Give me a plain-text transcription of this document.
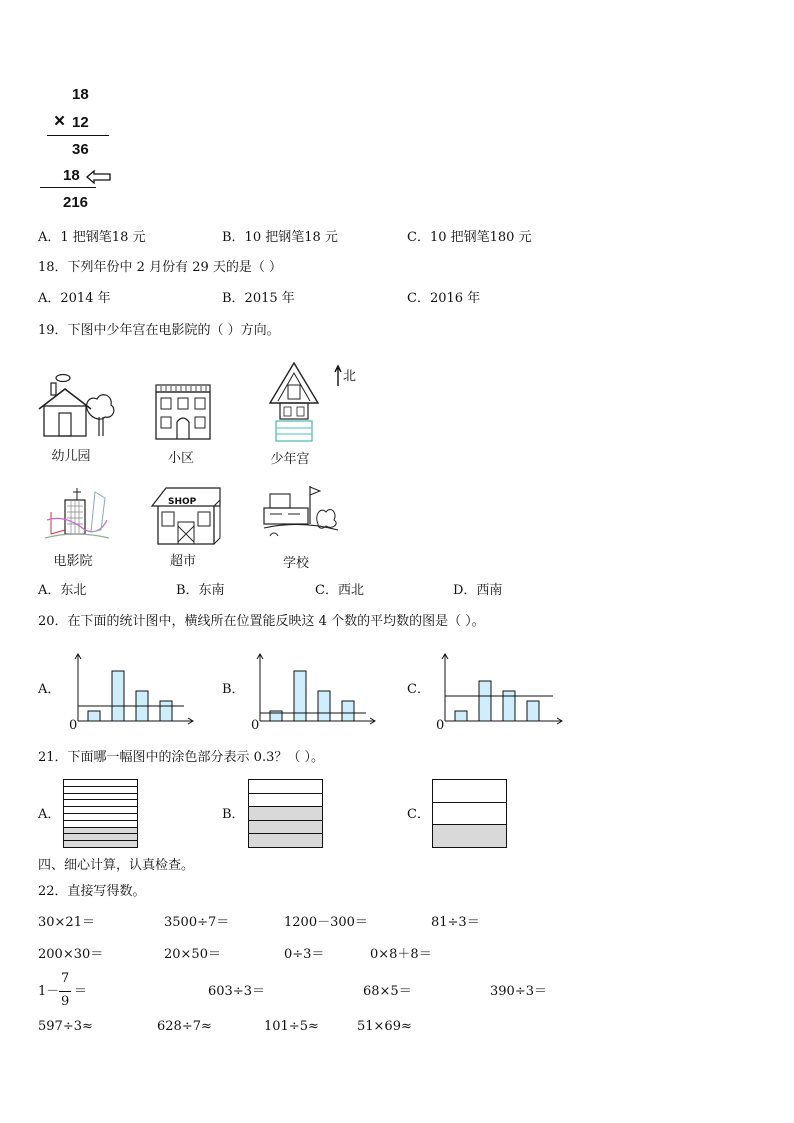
18
× 12
36
18
216
A．1 把钢笔18 元	B．10 把钢笔18 元	C．10 把钢笔180 元
18．下列年份中 2 月份有 29 天的是（ ）
A．2014 年	B．2015 年	C．2016 年
19．下图中少年宫在电影院的（ ）方向。
幼儿园	小区
北
少年宫
电影院
SHOP
超市	学校
A．东北	B．东南	C．西北	D．西南
20．在下面的统计图中，横线所在位置能反映这 4 个数的平均数的图是（ ）。
A．
0
B．
0
C．
0
21．下面哪一幅图中的涂色部分表示 0.3？（ ）。
A．	B．	C．
四、细心计算，认真检查。
22．直接写得数。
30×21＝	3500÷7＝	1200－300＝	81÷3＝
200×30＝	20×50＝	0÷3＝	0×8＋8＝
1－
7
9
＝	603÷3＝	68×5＝	390÷3＝
597÷3≈	628÷7≈	101÷5≈	51×69≈
